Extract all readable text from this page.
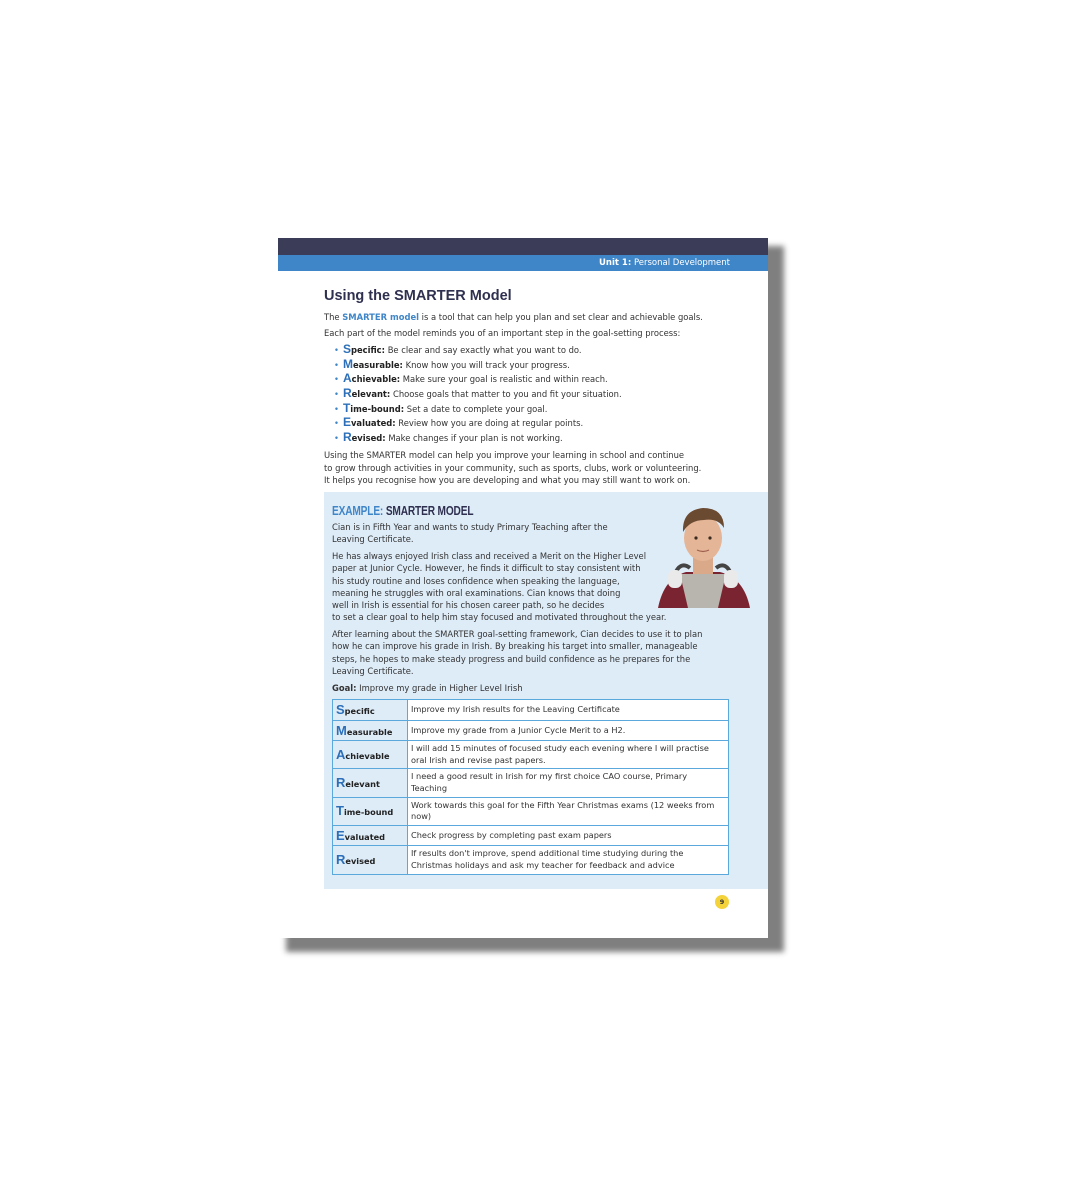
Unit 1: Personal Development
Using the SMARTER Model

The SMARTER model is a tool that can help you plan and set clear and achievable goals.

Each part of the model reminds you of an important step in the goal-setting process:

• Specific: Be clear and say exactly what you want to do.
• Measurable: Know how you will track your progress.
• Achievable: Make sure your goal is realistic and within reach.
• Relevant: Choose goals that matter to you and fit your situation.
• Time-bound: Set a date to complete your goal.
• Evaluated: Review how you are doing at regular points.
• Revised: Make changes if your plan is not working.

Using the SMARTER model can help you improve your learning in school and continue
to grow through activities in your community, such as sports, clubs, work or volunteering.
It helps you recognise how you are developing and what you may still want to work on.

EXAMPLE: SMARTER MODEL

Cian is in Fifth Year and wants to study Primary Teaching after the
Leaving Certificate.

He has always enjoyed Irish class and received a Merit on the Higher Level
paper at Junior Cycle. However, he finds it difficult to stay consistent with
his study routine and loses confidence when speaking the language,
meaning he struggles with oral examinations. Cian knows that doing
well in Irish is essential for his chosen career path, so he decides
to set a clear goal to help him stay focused and motivated throughout the year.

After learning about the SMARTER goal-setting framework, Cian decides to use it to plan
how he can improve his grade in Irish. By breaking his target into smaller, manageable
steps, he hopes to make steady progress and build confidence as he prepares for the
Leaving Certificate.

Goal: Improve my grade in Higher Level Irish

Specific	Improve my Irish results for the Leaving Certificate
Measurable	Improve my grade from a Junior Cycle Merit to a H2.
Achievable	I will add 15 minutes of focused study each evening where I will practise oral Irish and revise past papers.
Relevant	I need a good result in Irish for my first choice CAO course, Primary Teaching
Time-bound	Work towards this goal for the Fifth Year Christmas exams (12 weeks from now)
Evaluated	Check progress by completing past exam papers
Revised	If results don't improve, spend additional time studying during the Christmas holidays and ask my teacher for feedback and advice
9
